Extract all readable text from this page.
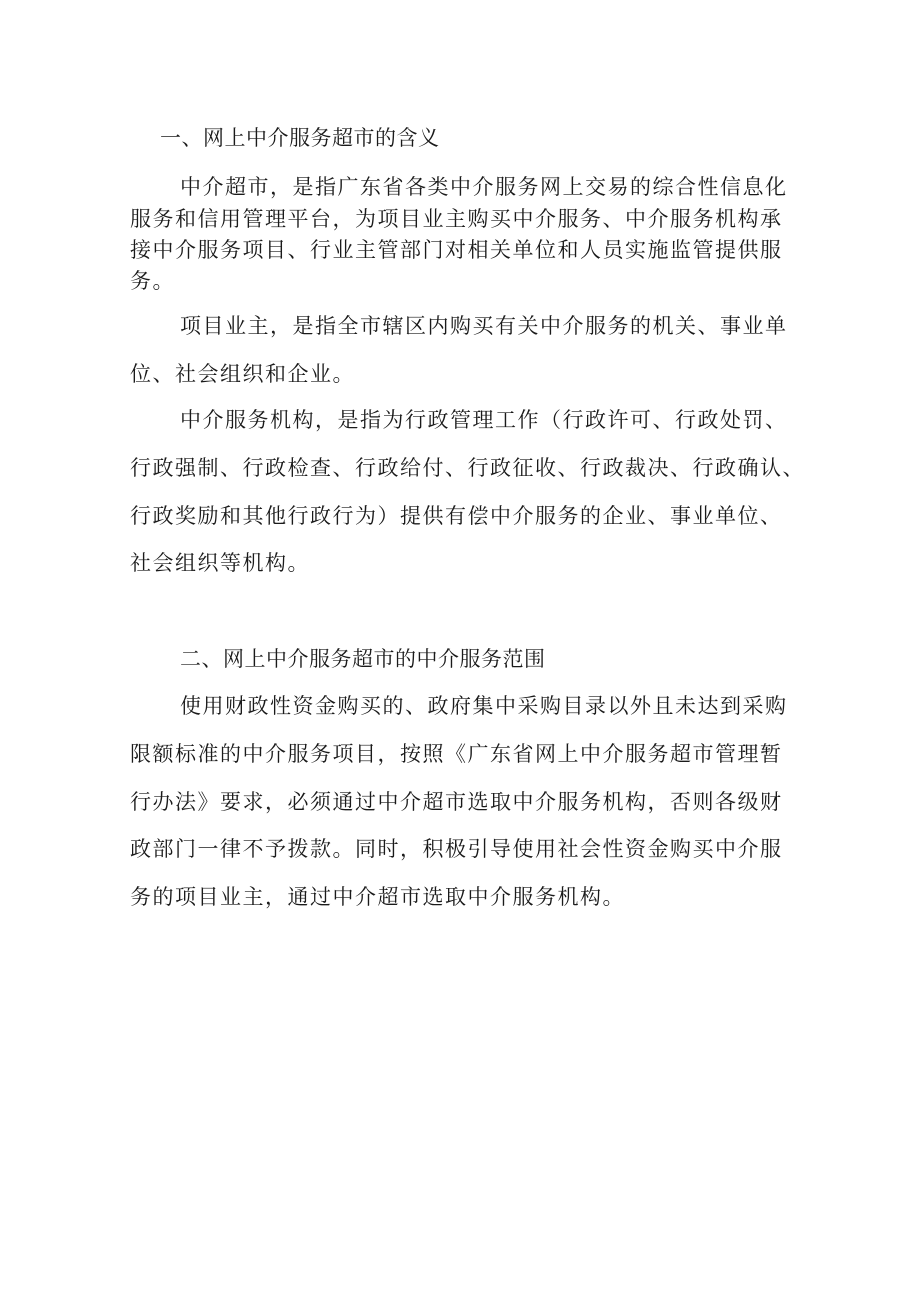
一、网上中介服务超市的含义

中介超市，是指广东省各类中介服务网上交易的综合性信息化

服务和信用管理平台，为项目业主购买中介服务、中介服务机构承

接中介服务项目、行业主管部门对相关单位和人员实施监管提供服

务。

项目业主，是指全市辖区内购买有关中介服务的机关、事业单

位、社会组织和企业。

中介服务机构，是指为行政管理工作（行政许可、行政处罚、

行政强制、行政检查、行政给付、行政征收、行政裁决、行政确认、

行政奖励和其他行政行为）提供有偿中介服务的企业、事业单位、

社会组织等机构。

二、网上中介服务超市的中介服务范围

使用财政性资金购买的、政府集中采购目录以外且未达到采购

限额标准的中介服务项目，按照《广东省网上中介服务超市管理暂

行办法》要求，必须通过中介超市选取中介服务机构，否则各级财

政部门一律不予拨款。同时，积极引导使用社会性资金购买中介服

务的项目业主，通过中介超市选取中介服务机构。
